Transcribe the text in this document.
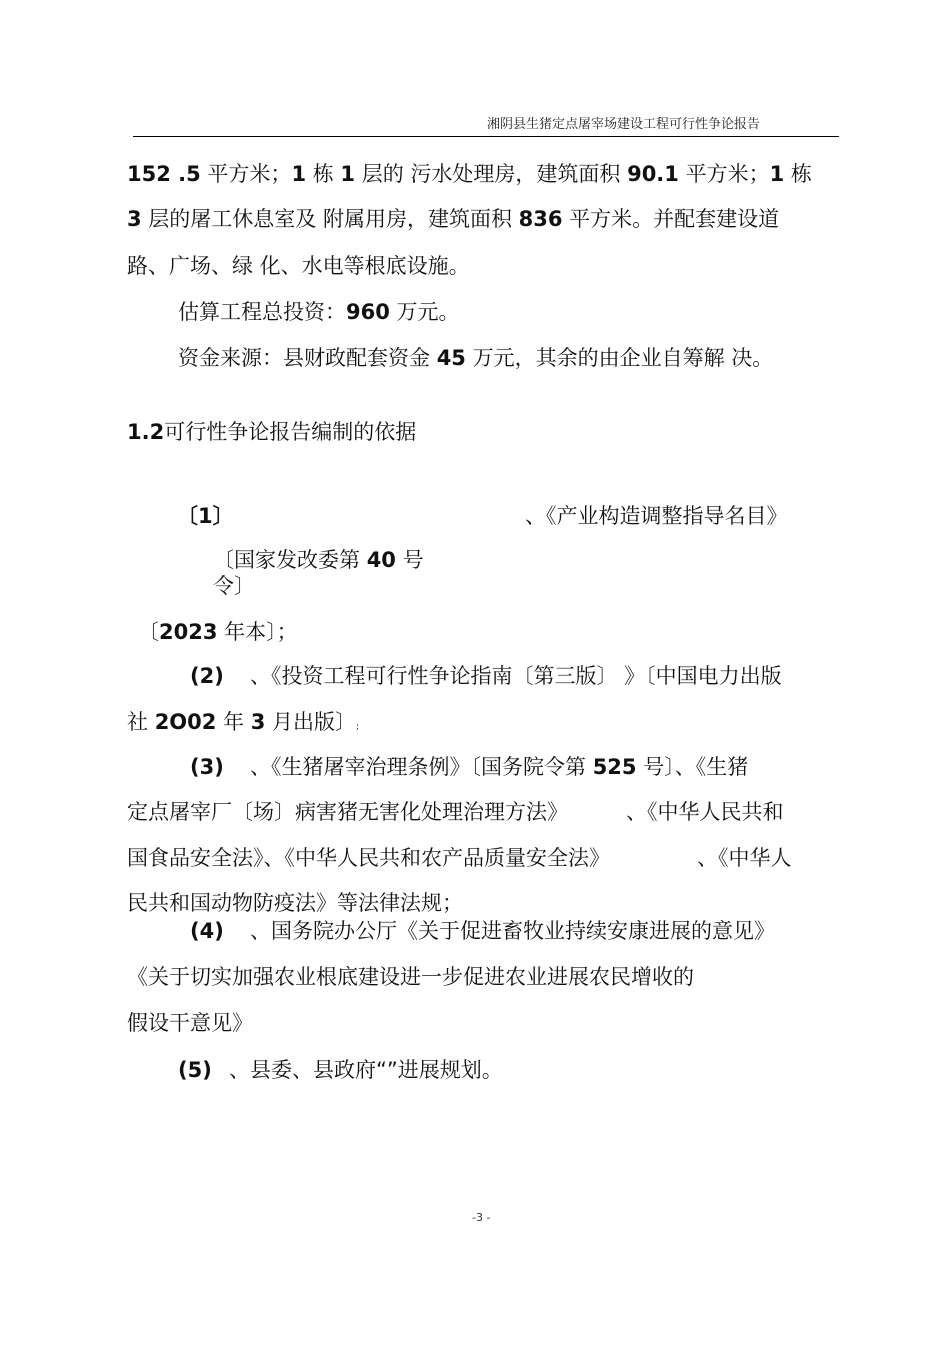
湘阴县生猪定点屠宰场建设工程可行性争论报告
152 .5 平方米；1 栋 1 层的 污水处理房，建筑面积 90.1 平方米；1 栋
3 层的屠工休息室及 附属用房，建筑面积 836 平方米。并配套建设道
路、广场、绿 化、水电等根底设施。
估算工程总投资：960 万元。
资金来源：县财政配套资金 45 万元，其余的由企业自筹解 决。
1.2可行性争论报告编制的依据
〔1〕	、《产业构造调整指导名目》
〔国家发改委第 40 号
令〕
〔2023 年本〕；
(2) 、《投资工程可行性争论指南〔第三版〕 》〔中国电力出版
社 2O02 年 3 月出版〕;
(3) 、《生猪屠宰治理条例》〔国务院令第 525 号〕、《生猪
定点屠宰厂〔场〕病害猪无害化处理治理方法》	、《中华人民共和
国食品安全法》、《中华人民共和农产品质量安全法》	、《中华人
民共和国动物防疫法》等法律法规；
(4) 、国务院办公厅《关于促进畜牧业持续安康进展的意见》
《关于切实加强农业根底建设进一步促进农业进展农民增收的
假设干意见》
(5) 、县委、县政府“”进展规划。
-3 -
